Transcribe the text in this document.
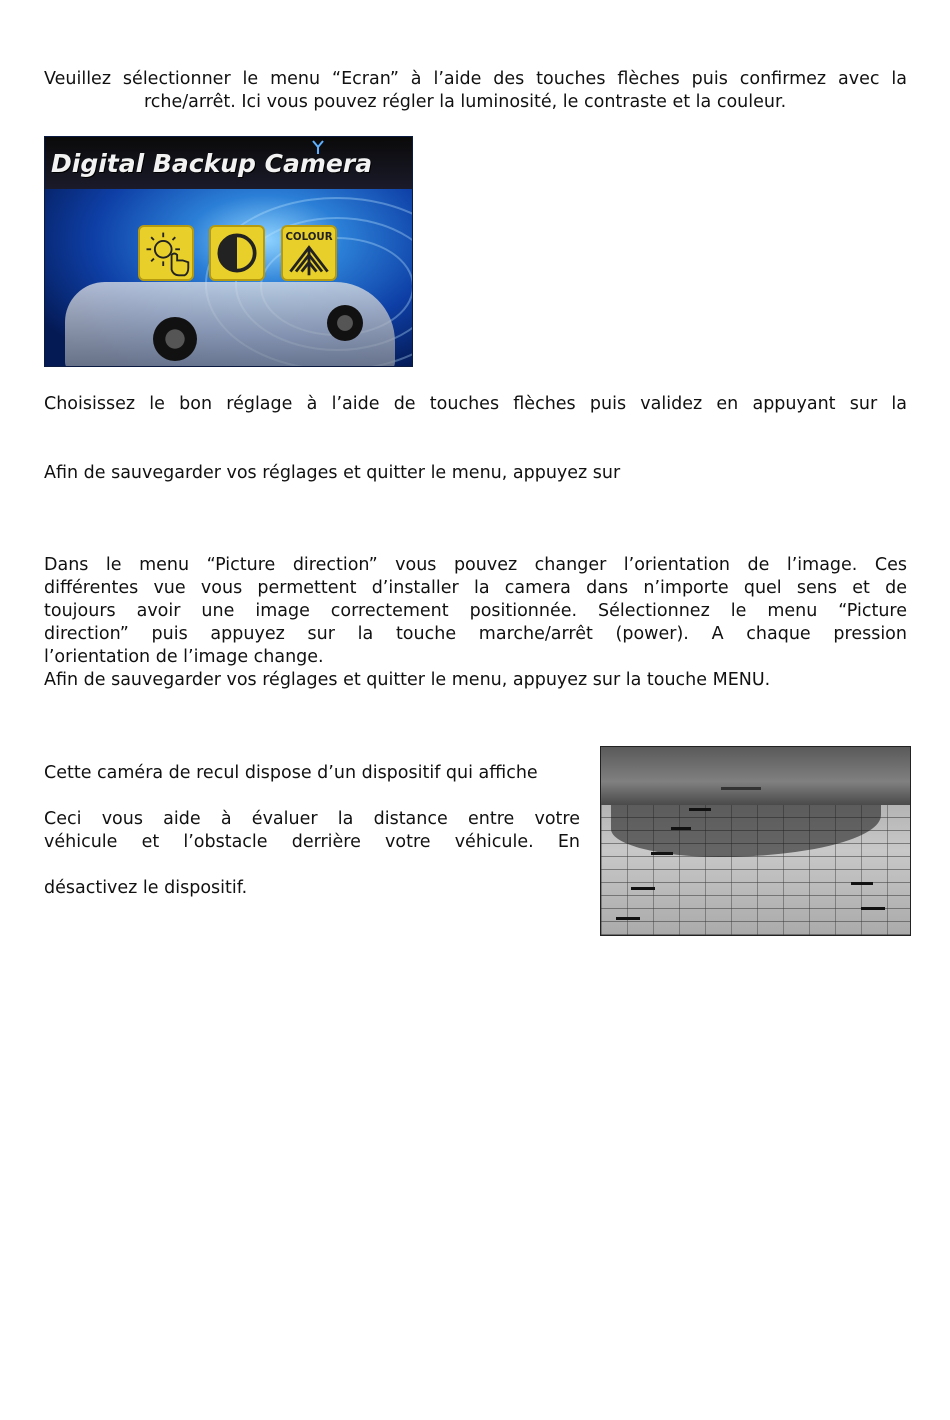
Veuillez sélectionner le menu “Ecran” à l’aide des touches flèches puis confirmez avec la
rche/arrêt. Ici vous pouvez régler la luminosité, le contraste et la couleur.
Digital Backup Camera
COLOUR
Choisissez le bon réglage à l’aide de touches flèches puis validez en appuyant sur la
Afin de sauvegarder vos réglages et quitter le menu, appuyez sur
Dans le menu “Picture direction” vous pouvez changer l’orientation de l’image. Ces
différentes vue vous permettent d’installer la camera dans n’importe quel sens et de
toujours avoir une image correctement positionnée. Sélectionnez le menu “Picture
direction” puis appuyez sur la touche marche/arrêt (power). A chaque pression
l’orientation de l’image change.
Afin de sauvegarder vos réglages et quitter le menu, appuyez sur la touche MENU.
Cette caméra de recul dispose d’un dispositif qui affiche
Ceci vous aide à évaluer la distance entre votre
véhicule et l’obstacle derrière votre véhicule. En
désactivez le dispositif.
